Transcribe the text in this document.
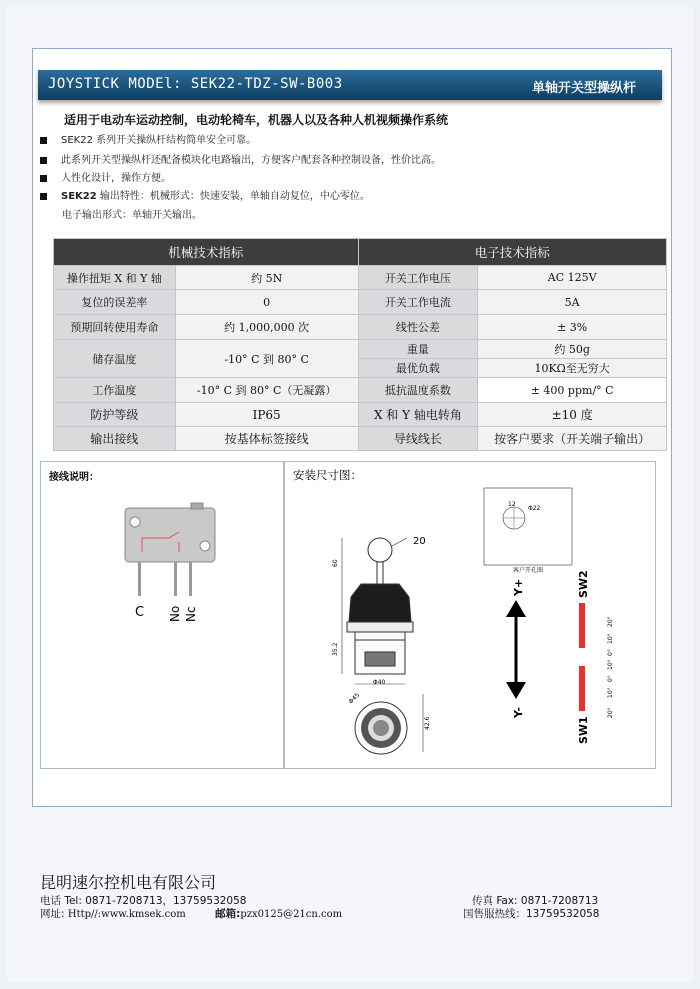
JOYSTICK MODEl: SEK22-TDZ-SW-B003	单轴开关型操纵杆
适用于电动车运动控制，电动轮椅车，机器人以及各种人机视频操作系统
SEK22 系列开关操纵杆结构简单安全可靠。
此系列开关型操纵杆还配备模块化电路输出，方便客户配套各种控制设备，性价比高。
人性化设计，操作方便。
SEK22 输出特性：机械形式：快速安装，单轴自动复位，中心零位。
电子输出形式：单轴开关输出。
机械技术指标		电子技术指标	
操作扭矩 X 和 Y 轴	约 5N	开关工作电压	AC 125V
复位的误差率	0	开关工作电流	5A
预期回转使用寿命	约 1,000,000 次	线性公差	± 3%
储存温度	-10° C 到 80° C	重量	约 50g
		最优负载	10KΩ至无穷大
工作温度	-10° C 到 80° C（无凝露）	抵抗温度系数	± 400 ppm/° C
防护等级	IP65	X 和 Y 轴电转角	±10 度
输出接线	按基体标签接线	导线线长	按客户要求（开关端子输出）
接线说明：
C No Nc
安装尺寸图：
20
60
35.2
Φ40
Φ45
42.6
12
Φ22
客户开孔图
Y+
Y-
SW2
SW1
20°
10°
0°
10°
0°
10°
20°
昆明速尔控机电有限公司
电话 Tel: 0871-7208713，13759532058	传真 Fax: 0871-7208713
网址: Http//:www.kmsek.com	邮箱:pzx0125@21cn.com	国售服热线：13759532058
